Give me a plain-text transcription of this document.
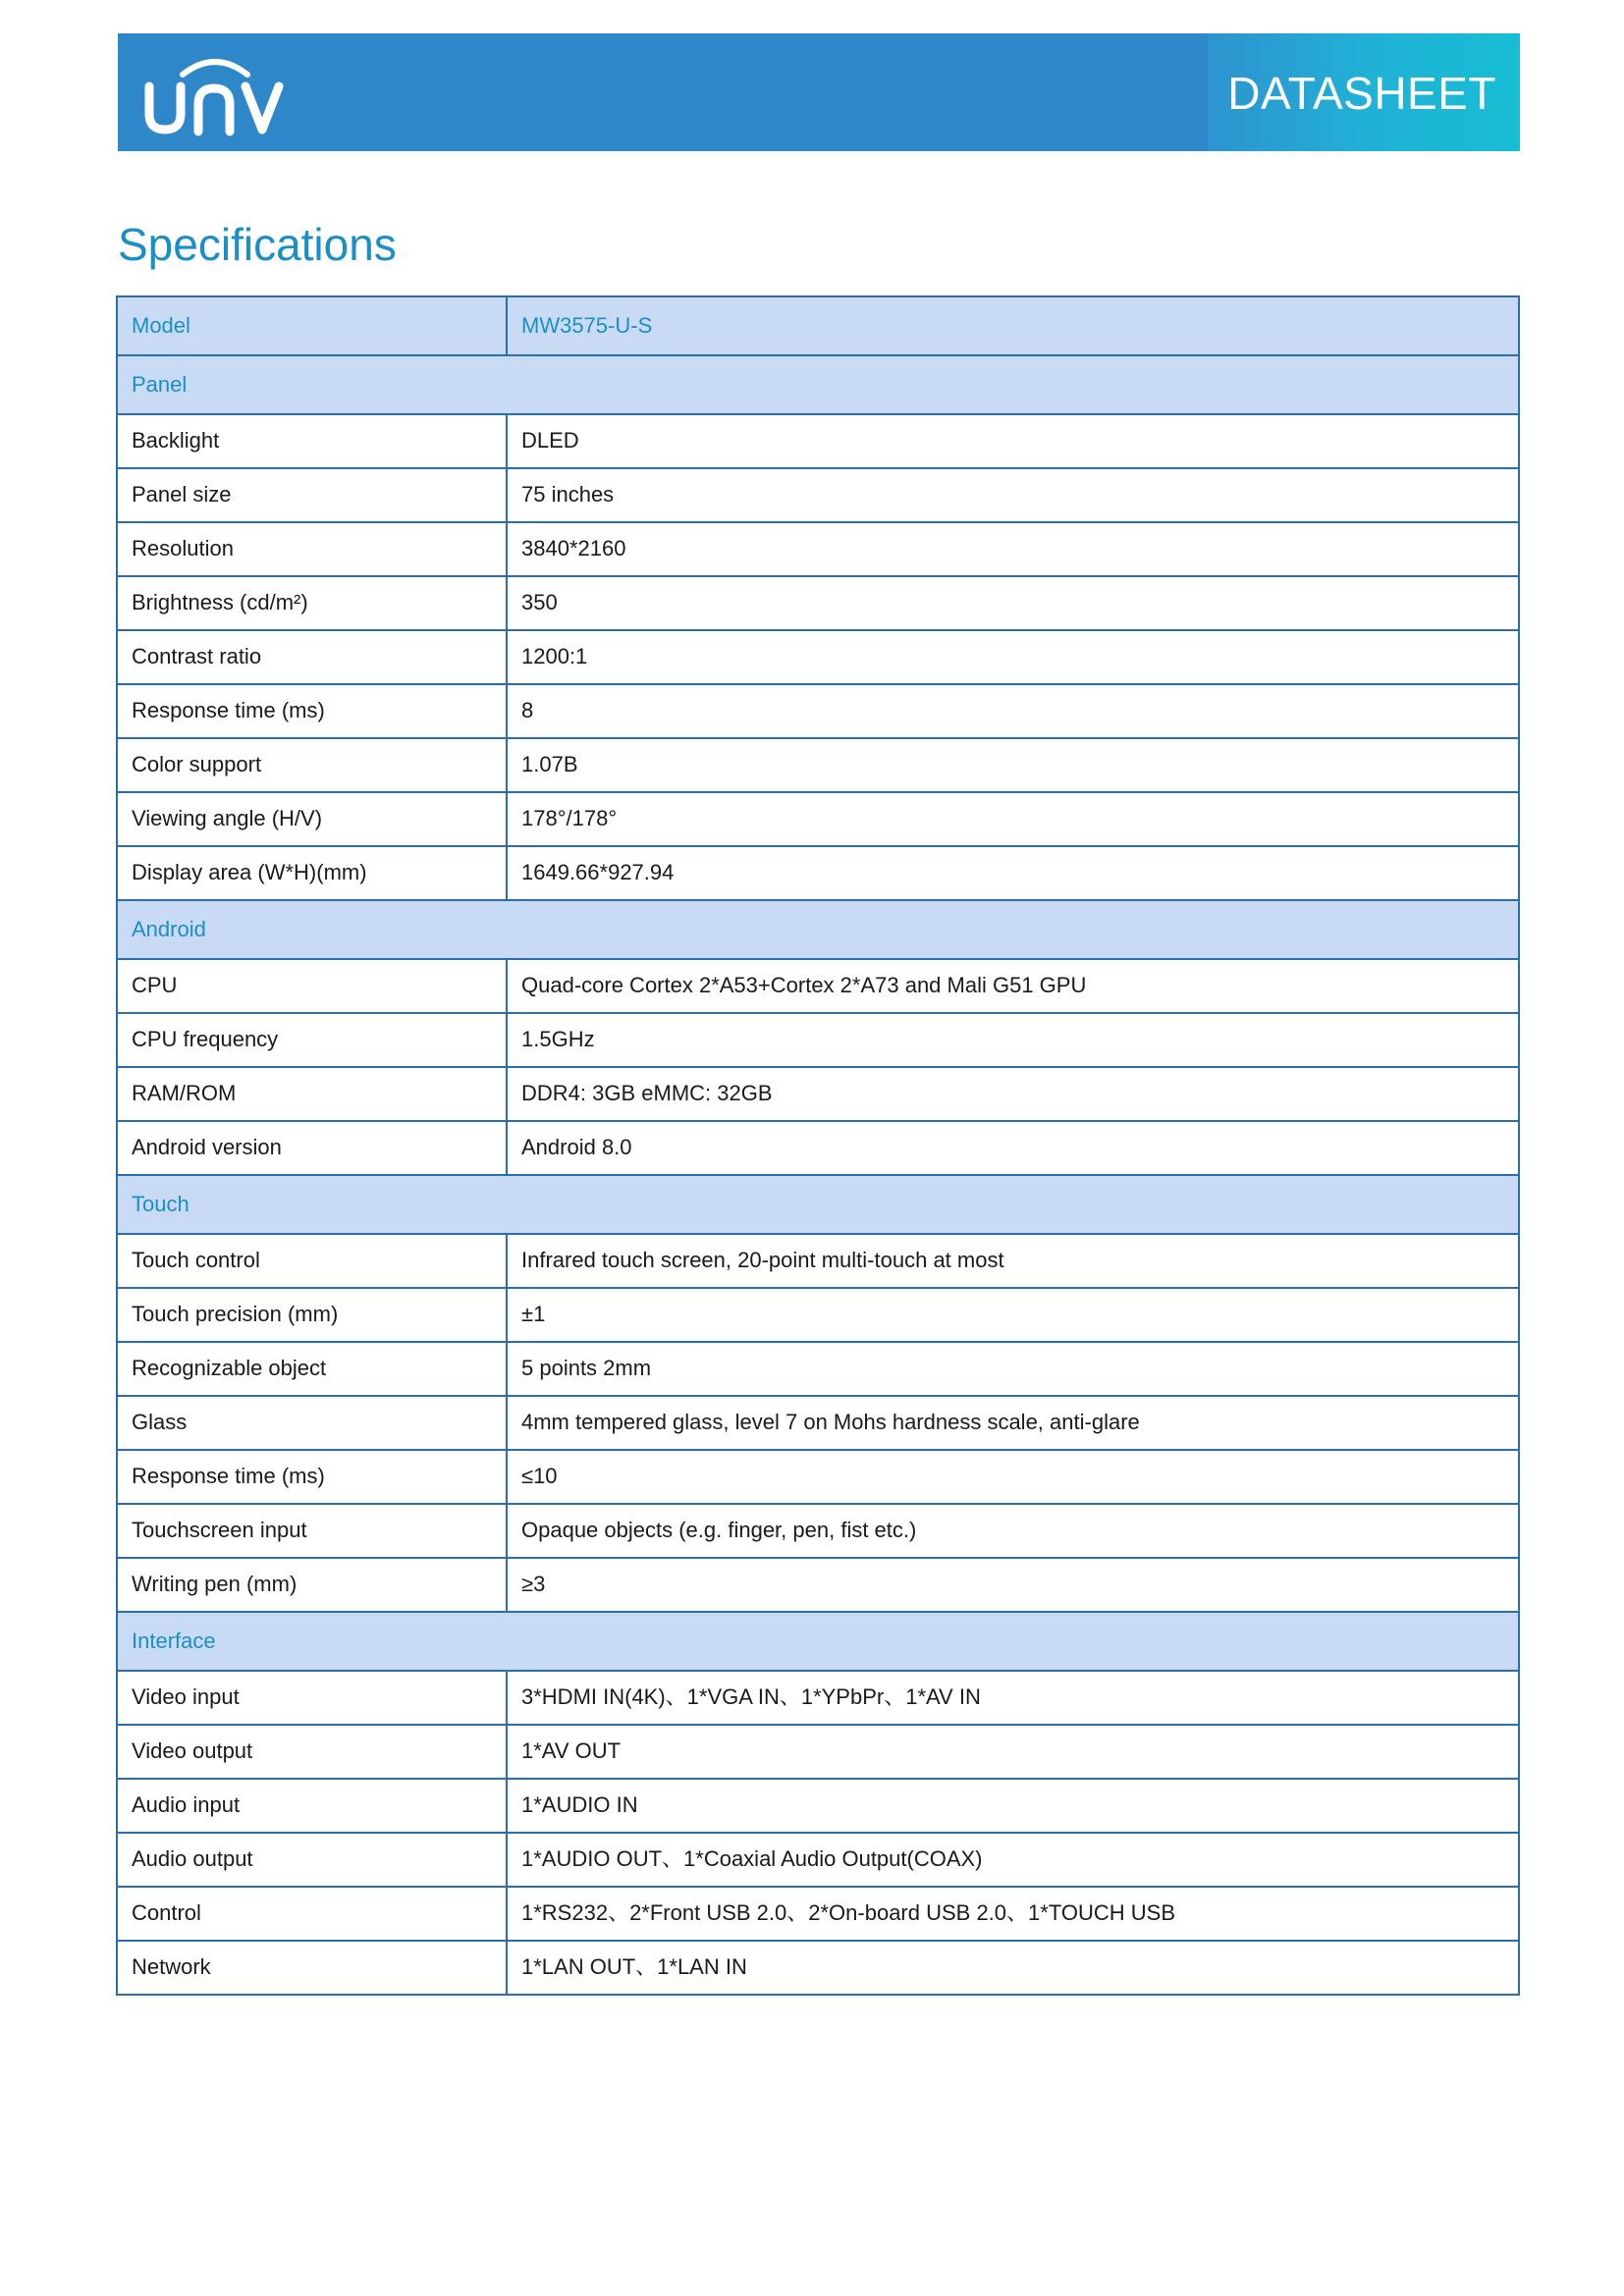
DATASHEET
Specifications
Model	MW3575-U-S
Panel	
Backlight	DLED
Panel size	75 inches
Resolution	3840*2160
Brightness (cd/m²)	350
Contrast ratio	1200:1
Response time (ms)	8
Color support	1.07B
Viewing angle (H/V)	178°/178°
Display area (W*H)(mm)	1649.66*927.94
Android	
CPU	Quad-core Cortex 2*A53+Cortex 2*A73 and Mali G51 GPU
CPU frequency	1.5GHz
RAM/ROM	DDR4: 3GB eMMC: 32GB
Android version	Android 8.0
Touch	
Touch control	Infrared touch screen, 20-point multi-touch at most
Touch precision (mm)	±1
Recognizable object	5 points 2mm
Glass	4mm tempered glass, level 7 on Mohs hardness scale, anti-glare
Response time (ms)	≤10
Touchscreen input	Opaque objects (e.g. finger, pen, fist etc.)
Writing pen (mm)	≥3
Interface	
Video input	3*HDMI IN(4K)、1*VGA IN、1*YPbPr、1*AV IN
Video output	1*AV OUT
Audio input	1*AUDIO IN
Audio output	1*AUDIO OUT、1*Coaxial Audio Output(COAX)
Control	1*RS232、2*Front USB 2.0、2*On-board USB 2.0、1*TOUCH USB
Network	1*LAN OUT、1*LAN IN
